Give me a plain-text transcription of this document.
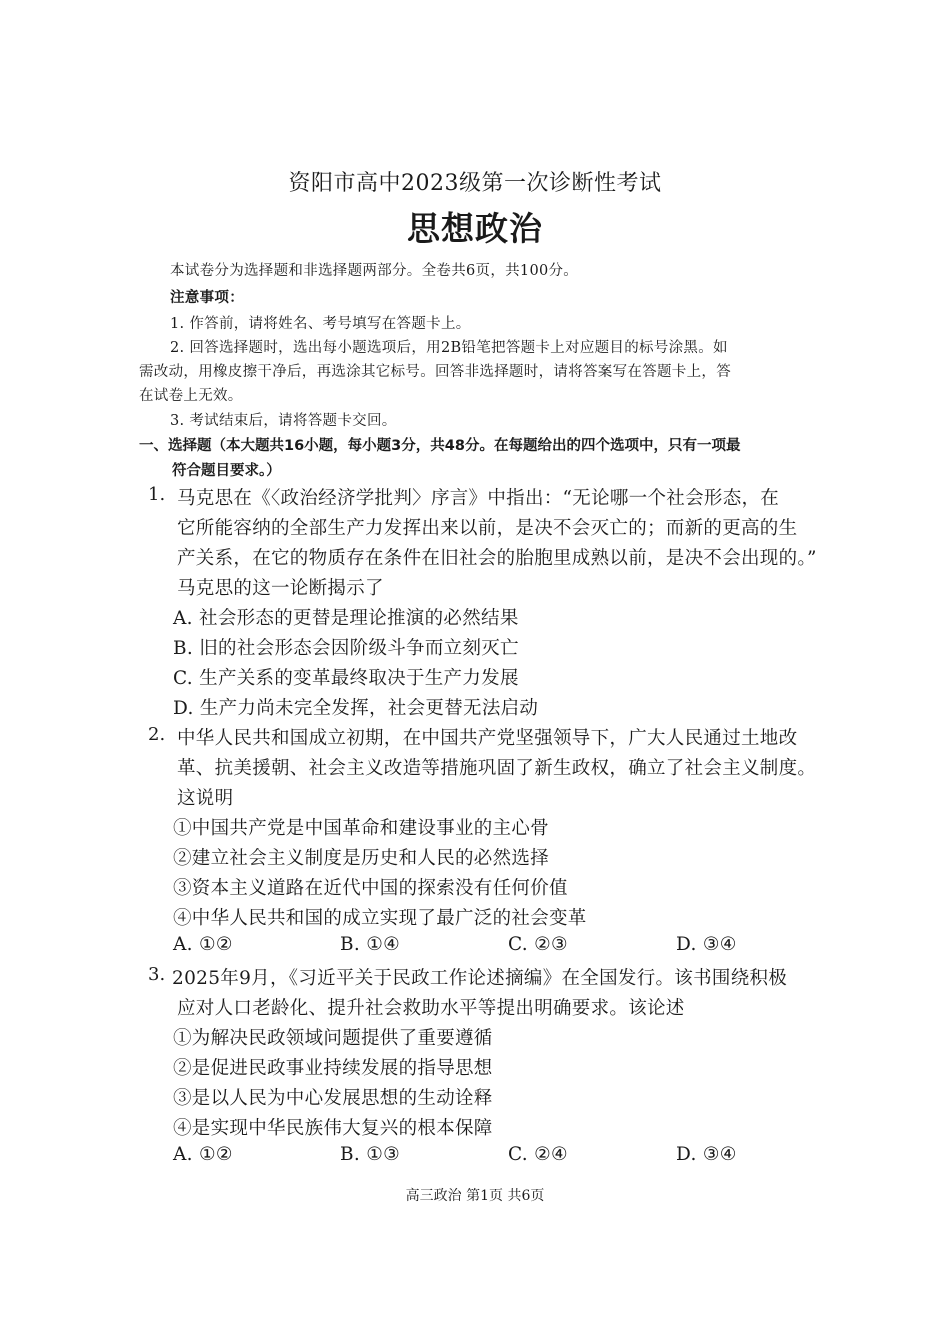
资阳市高中2023级第一次诊断性考试
思想政治
本试卷分为选择题和非选择题两部分。全卷共6页，共100分。
注意事项：
1. 作答前，请将姓名、考号填写在答题卡上。
2. 回答选择题时，选出每小题选项后，用2B铅笔把答题卡上对应题目的标号涂黑。如
需改动，用橡皮擦干净后，再选涂其它标号。回答非选择题时，请将答案写在答题卡上，答
在试卷上无效。
3. 考试结束后，请将答题卡交回。
一、选择题（本大题共16小题，每小题3分，共48分。在每题给出的四个选项中，只有一项最
符合题目要求。）
1. 马克思在《〈政治经济学批判〉序言》中指出：“无论哪一个社会形态，在
它所能容纳的全部生产力发挥出来以前，是决不会灭亡的；而新的更高的生
产关系，在它的物质存在条件在旧社会的胎胞里成熟以前，是决不会出现的。”
马克思的这一论断揭示了
A. 社会形态的更替是理论推演的必然结果
B. 旧的社会形态会因阶级斗争而立刻灭亡
C. 生产关系的变革最终取决于生产力发展
D. 生产力尚未完全发挥，社会更替无法启动
2. 中华人民共和国成立初期，在中国共产党坚强领导下，广大人民通过土地改
革、抗美援朝、社会主义改造等措施巩固了新生政权，确立了社会主义制度。
这说明
①中国共产党是中国革命和建设事业的主心骨
②建立社会主义制度是历史和人民的必然选择
③资本主义道路在近代中国的探索没有任何价值
④中华人民共和国的成立实现了最广泛的社会变革
A. ①②	B. ①④	C. ②③	D. ③④
3. 2025年9月，《习近平关于民政工作论述摘编》在全国发行。该书围绕积极
应对人口老龄化、提升社会救助水平等提出明确要求。该论述
①为解决民政领域问题提供了重要遵循
②是促进民政事业持续发展的指导思想
③是以人民为中心发展思想的生动诠释
④是实现中华民族伟大复兴的根本保障
A. ①②	B. ①③	C. ②④	D. ③④
高三政治 第1页 共6页
